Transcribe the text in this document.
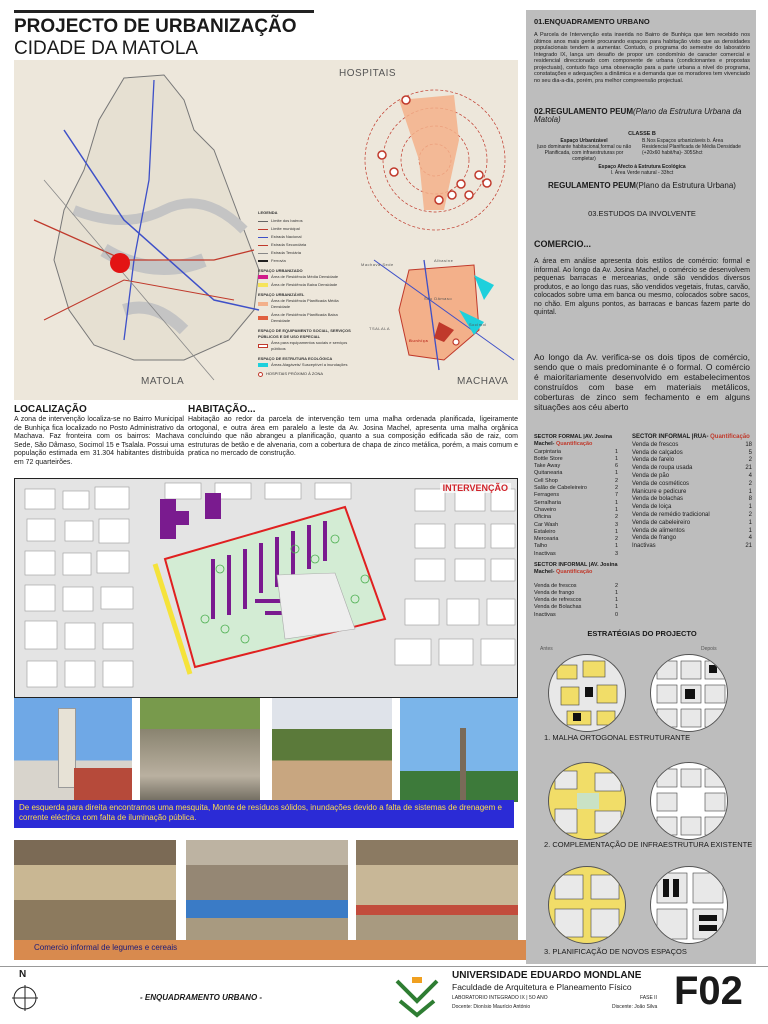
PROJECTO DE URBANIZAÇÃO
CIDADE DA MATOLA
HOSPITAIS
MATOLA	MACHAVA
Machava Sede
TSALALA
Socimol
São Dâmaso
Bunhiça
Albasine
LEGENDA
Limite dos bairros
Limite municipal
Estrada Nacional
Estrada Secundária
Estrada Terciária
Ferrovia
ESPAÇO URBANIZADO
Área de Residência Média Densidade
Área de Residência Baixa Densidade
ESPAÇO URBANIZÁVEL
Área de Residência Planificada Média Densidade
Área de Residência Planificada Baixa Densidade
ESPAÇO DE EQUIPAMENTO SOCIAL, SERVIÇOS PÚBLICOS E DE USO ESPECIAL
Área para equipamentos sociais e serviços públicos
ESPAÇO DE ESTRUTURA ECOLÓGICA
Áreas Alagáveis/ Susceptível a inundações
HOSPITAIS PRÓXIMO À ZONA
LOCALIZAÇÃO
A zona de intervenção localiza-se no Bairro Municipal de Bunhiça fica localizado no Posto Administrativo da Machava. Faz fronteira com os bairros: Machava Sede, São Dâmaso, Socimol 15 e Tsalala. Possui uma população estimada em 31.304 habitantes distribuída em 72 quarteirões.
HABITAÇÃO...
Habitação ao redor da parcela de intervenção tem uma malha ordenada planificada, ligeiramente ortogonal, e outra área em paralelo a leste da Av. Josina Machel, apresenta uma malha orgânica concluindo que não abrangeu a planificação, quanto a sua composição edificada são de raiz, com estruturas de betão e de alvenaria, com a cobertura de chapa de zinco metálica, porém, a mais comum e pratica no mercado de construção.
INTERVENÇÃO
De esquerda para direita encontramos uma mesquita, Monte de resíduos sólidos, inundações devido a falta de sistemas de drenagem e corrente eléctrica com falta de iluminação pública.
Comercio informal de legumes e cereais
01.ENQUADRAMENTO URBANO
A Parcela de Intervenção esta inserida no Bairro de Bunhiça que tem recebido nos últimos anos mais gente procurando espaços para habitação visto que as densidades populacionais tendem a aumentar. Contudo, o programa do semestre do laboratório Integrado IX, lança um desafio de propor um condomínio de caracter comercial e residencial direccionado com componente de urbana (condicionantes e propostas projectuais), contudo faço uma observação para a parte urbana a nível do programa, constatações e adequações a dinâmica e a demanda que os moradores tem vivenciado no seu dia-a-dia, porém, pra melhor compreensão projectual.
02.REGULAMENTO PEUM(Plano da Estrutura Urbana da Matola)
CLASSE B
Espaço Urbanizável
(uso dominante habitacional,formal ou não Planificada, com infraestruturas por completar)
B.Nos Espaços urbanizáveis b. Área Residencial Planificada de Média Densidade (+20x60 habit/ha)- 305Shct
Espaço Afecto à Estrutura Ecológica
I. Área Verde natural - 33hct
REGULAMENTO PEUM(Plano da Estrutura Urbana)
03.ESTUDOS DA INVOLVENTE
COMERCIO...
A área em análise apresenta dois estilos de comércio: formal e informal. Ao longo da Av. Josina Machel, o comércio se desenvolvem pequenas barracas e mercearias, onde são vendidos diversos produtos, e ao longo das ruas, são vendidos vegetais, frutas, carvão, colocados sobre uma em banca ou mesmo, colocados sobre sacos, no chão. Em alguns pontos, as barracas e bancas fazem parte do quintal.
Ao longo da Av. verifica-se os dois tipos de comércio, sendo que o mais predominante é o formal. O comércio é maioritariamente desenvolvido em estabelecimentos construídos com base em materiais metálicos, coberturas de zinco sem fechamento e em alguns situações aos céu aberto
SECTOR FORMAL |AV. Josina Machel- Quantificação
Carpintaria	1
Bottle Store	1
Take Away	6
Quitanearia	1
Cell Shop	2
Salão de Cabeleireiro	2
Ferragens	7
Serralharia	1
Chaveiro	1
Oficina	2
Car Wash	3
Estaleiro	1
Mercearia	2
Talho	1
Inactivas	3
SECTOR INFORMAL |RUA- Quantificação
Venda de frescos	18
Venda de calçados	5
Venda de farelo	2
Venda de roupa usada	21
Venda de pão	4
Venda de cosméticos	2
Manicure e pedicure	1
Venda de bolachas	8
Venda de loiça	1
Venda de remédio tradicional	2
Venda de cabeleireiro	1
Venda de alimentos	1
Venda de frango	4
Inactivas	21
SECTOR INFORMAL |AV. Josina Machel- Quantificação
Venda de frescos	2
Venda de frango	1
Venda de refrescos	1
Venda de Bolachas	1
Inactivas	0
ESTRATÉGIAS DO PROJECTO
Antes	Depois
1. MALHA ORTOGONAL ESTRUTURANTE
2. COMPLEMENTAÇÃO DE INFRAESTRUTURA EXISTENTE
3. PLANIFICAÇÃO DE NOVOS ESPAÇOS
N
- ENQUADRAMENTO URBANO -
UNIVERSIDADE EDUARDO MONDLANE
Faculdade de Arquitetura e Planeamento Físico
LABORATORIO INTEGRADO IX | 5O ANO	FASE II
Docente: Dionísio Maurício António	Discente: João Silva F02
